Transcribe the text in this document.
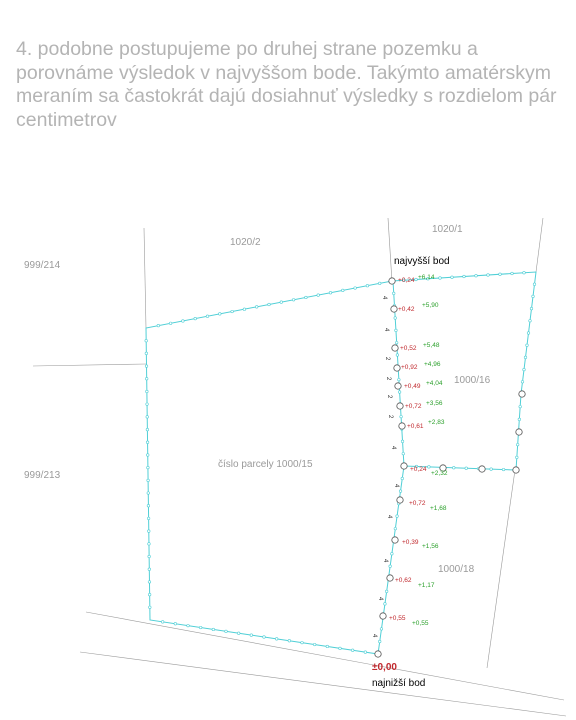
4. podobne postupujeme po druhej strane pozemku a porovnáme výsledok v najvyššom bode. Takýmto amatérskym meraním sa častokrát dajú dosiahnuť výsledky s rozdielom pár centimetrov

999/214
1020/2
1020/1
1000/16
999/213
číslo parcely 1000/15
1000/18
najvyšší bod
±0,00
najnižší bod
+0,24
+0,42
+0,52
+0,92
+0,49
+0,72
+0,61
+0,24
+0,72
+0,39
+0,62
+0,55
+6,14
+5,90
+5,48
+4,96
+4,04
+3,56
+2,83
+2,32
+1,68
+1,56
+1,17
+0,55
4
4
2
2
2
2
4
4
4
4
4
4
